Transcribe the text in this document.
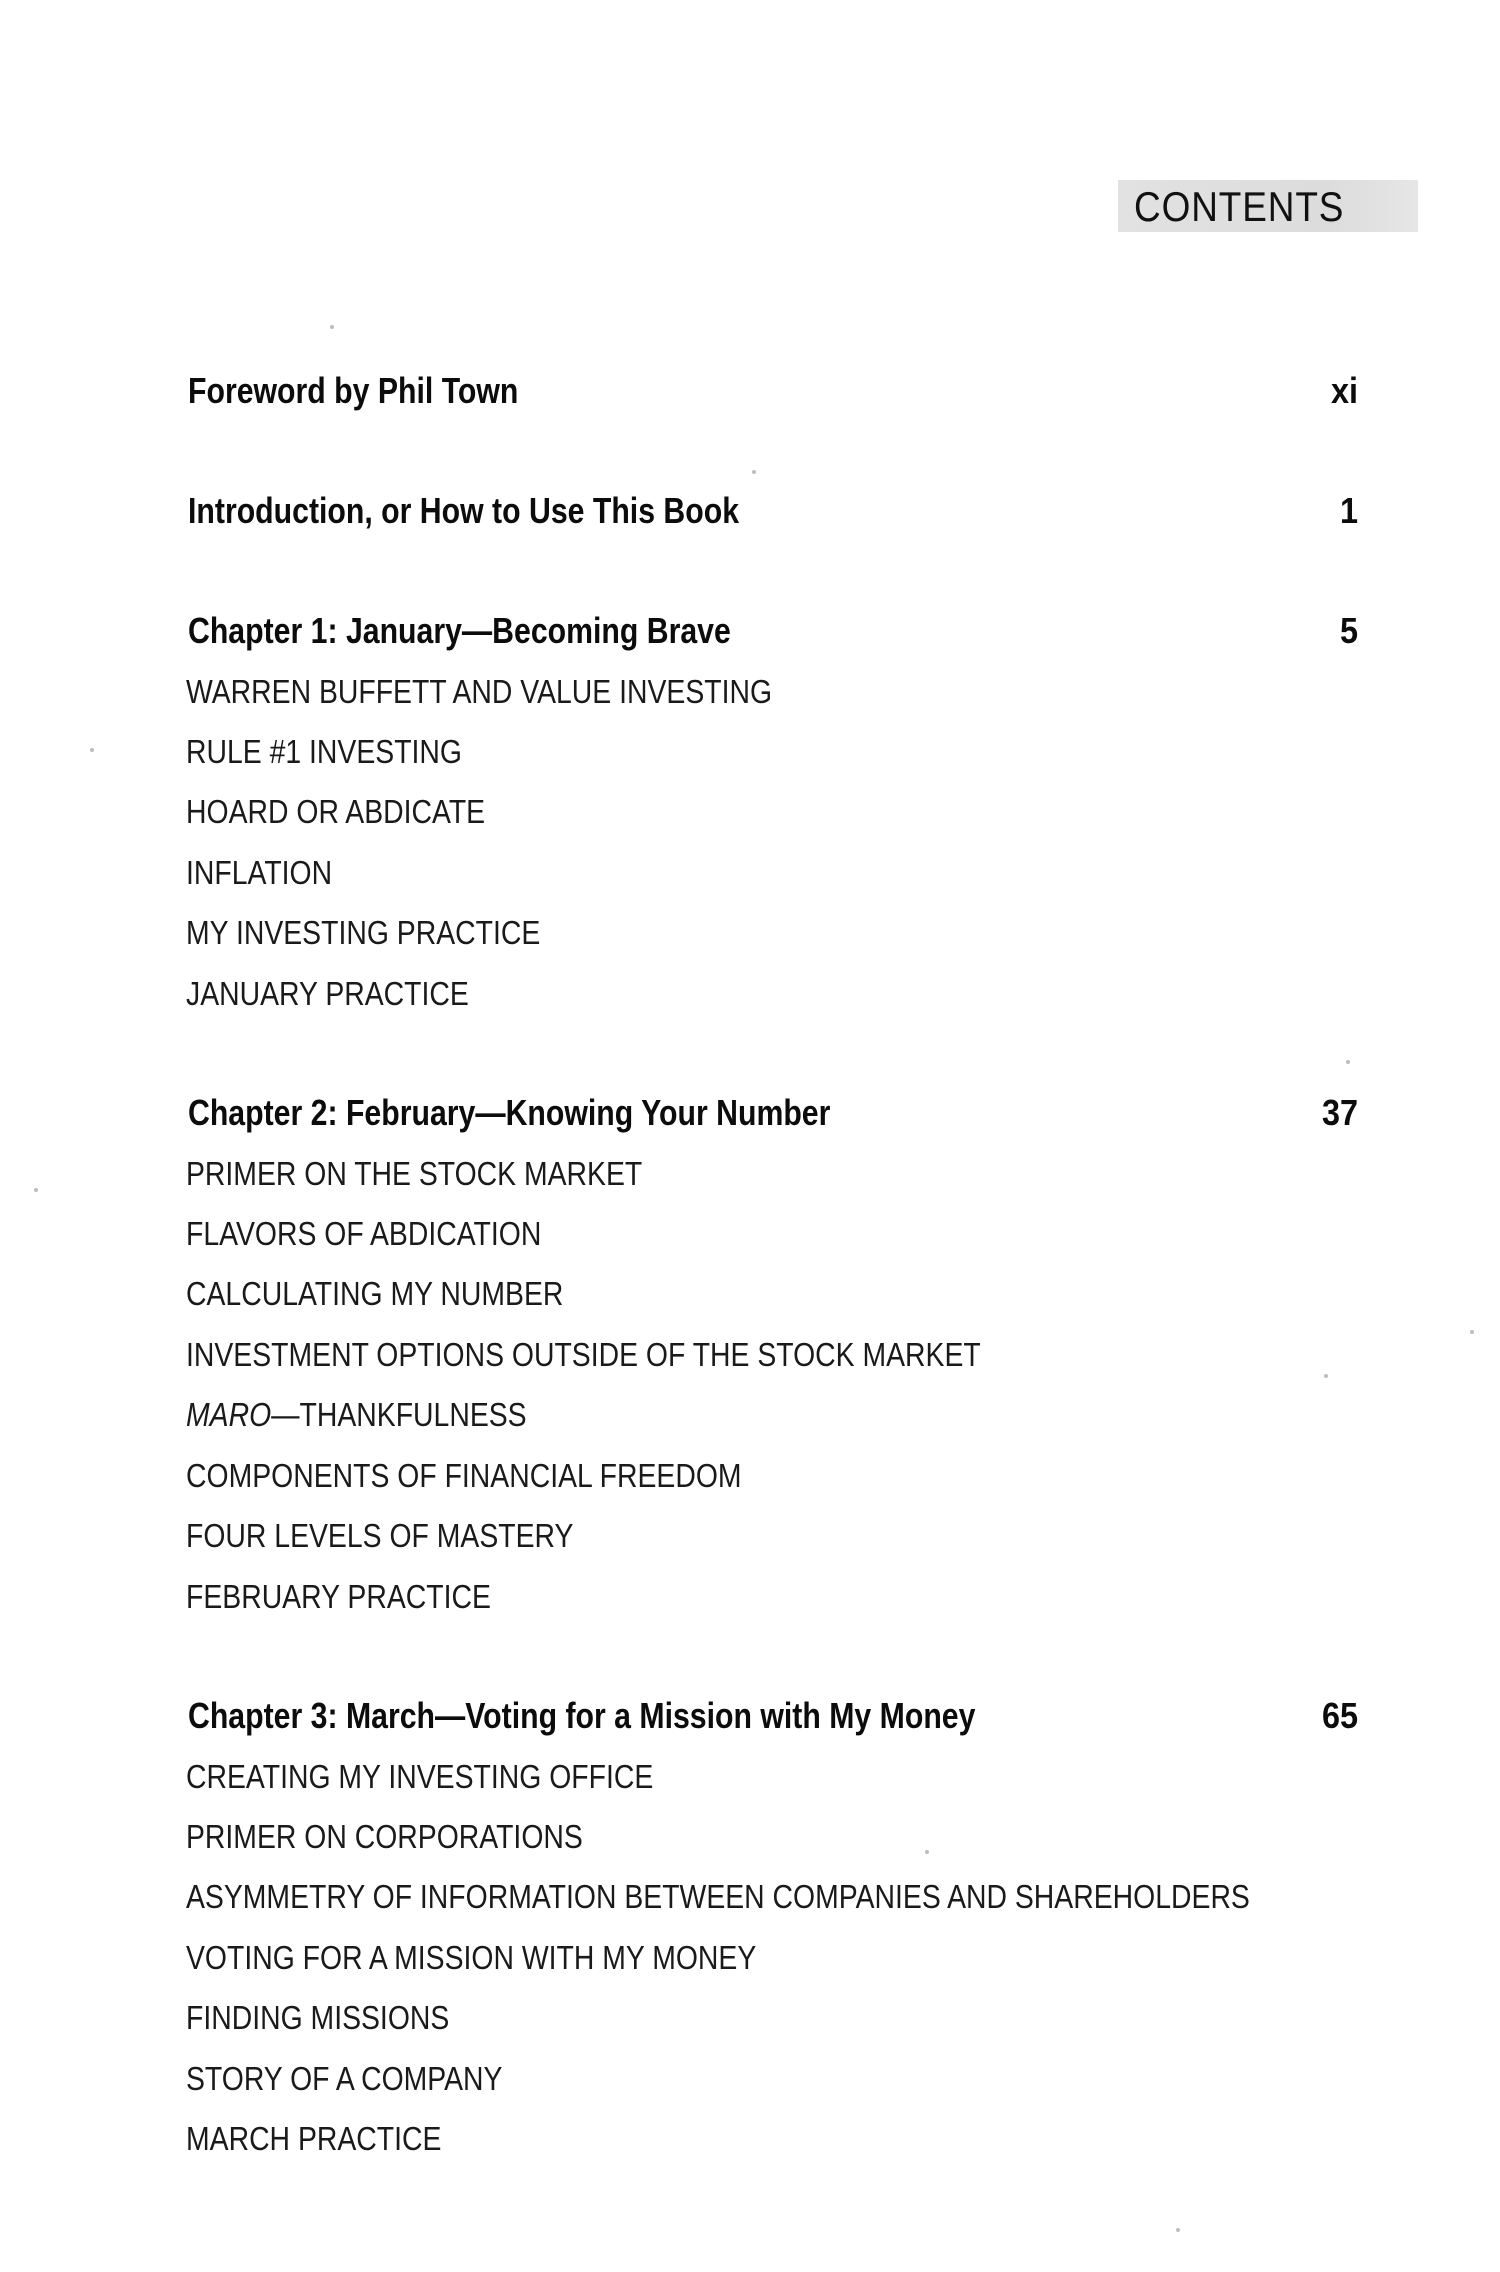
CONTENTS
Foreword by Phil Town	xi
Introduction, or How to Use This Book	1
Chapter 1: January—Becoming Brave	5
WARREN BUFFETT AND VALUE INVESTING
RULE #1 INVESTING
HOARD OR ABDICATE
INFLATION
MY INVESTING PRACTICE
JANUARY PRACTICE
Chapter 2: February—Knowing Your Number	37
PRIMER ON THE STOCK MARKET
FLAVORS OF ABDICATION
CALCULATING MY NUMBER
INVESTMENT OPTIONS OUTSIDE OF THE STOCK MARKET
MARO—THANKFULNESS
COMPONENTS OF FINANCIAL FREEDOM
FOUR LEVELS OF MASTERY
FEBRUARY PRACTICE
Chapter 3: March—Voting for a Mission with My Money	65
CREATING MY INVESTING OFFICE
PRIMER ON CORPORATIONS
ASYMMETRY OF INFORMATION BETWEEN COMPANIES AND SHAREHOLDERS
VOTING FOR A MISSION WITH MY MONEY
FINDING MISSIONS
STORY OF A COMPANY
MARCH PRACTICE
